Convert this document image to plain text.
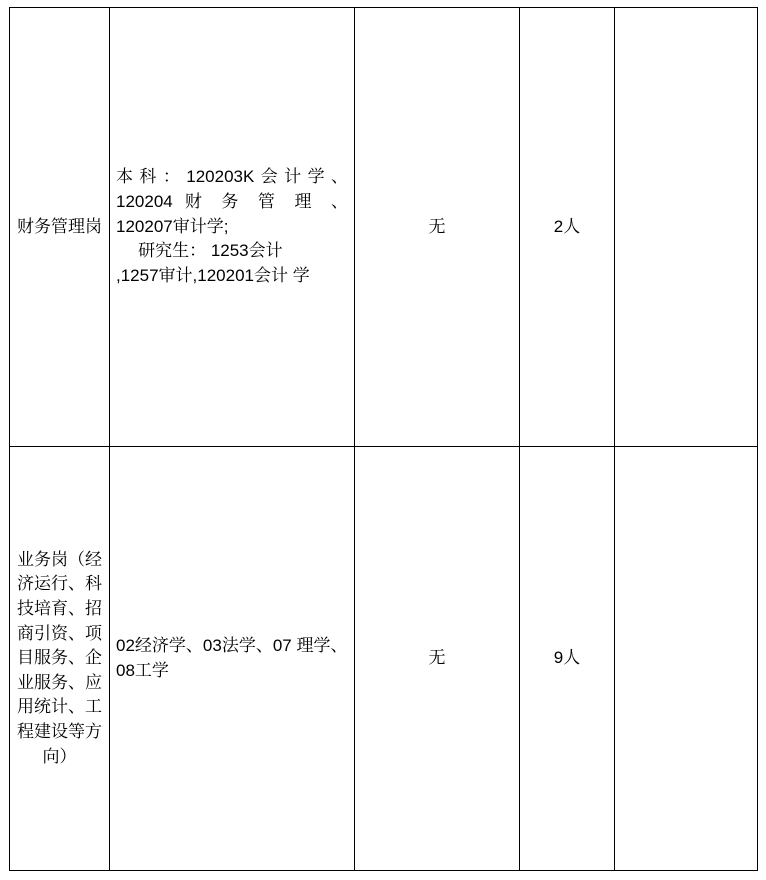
财务管理岗	本科：120203K会计学、
120204 财 务 管 理 、
120207审计学;
研究生： 1253会计
,1257审计,120201会计 学	无	2人	
业务岗（经济运行、科技培育、招商引资、项目服务、企业服务、应用统计、工程建设等方向）	02经济学、03法学、07 理学、08工学	无	9人	
